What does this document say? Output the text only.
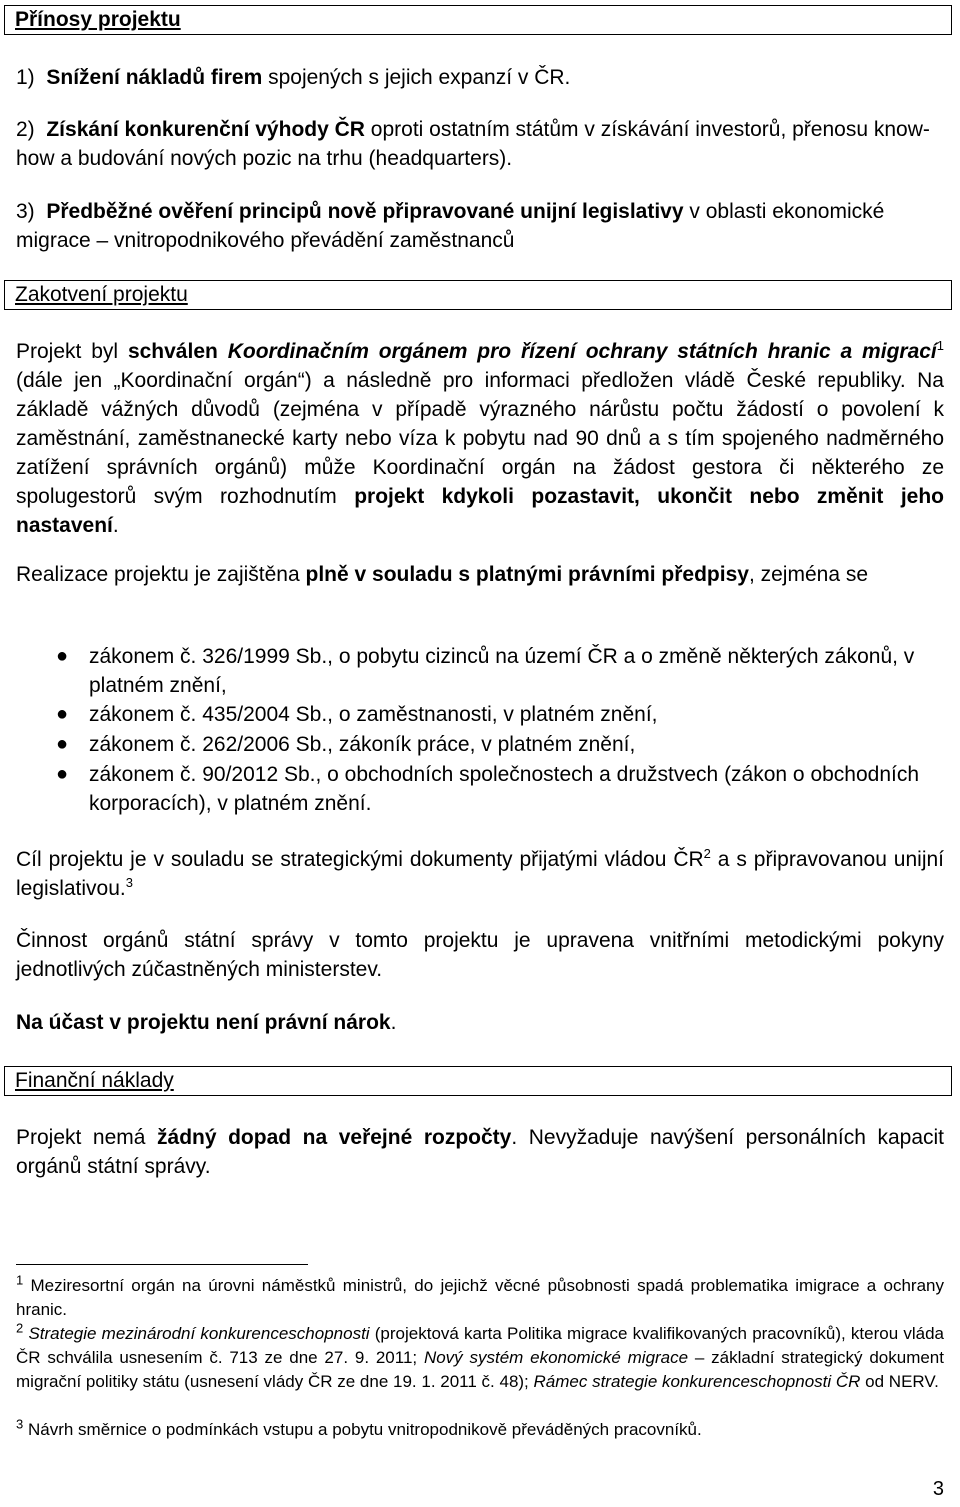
Přínosy projektu

1) Snížení nákladů firem spojených s jejich expanzí v ČR.

2) Získání konkurenční výhody ČR oproti ostatním státům v získávání investorů, přenosu know-how a budování nových pozic na trhu (headquarters).

3) Předběžné ověření principů nově připravované unijní legislativy v oblasti ekonomické migrace – vnitropodnikového převádění zaměstnanců

Zakotvení projektu

Projekt byl schválen Koordinačním orgánem pro řízení ochrany státních hranic a migrací$^1$ (dále jen „Koordinační orgán“) a následně pro informaci předložen vládě České republiky. Na základě vážných důvodů (zejména v případě výrazného nárůstu počtu žádostí o povolení k zaměstnání, zaměstnanecké karty nebo víza k pobytu nad 90 dnů a s tím spojeného nadměrného zatížení správních orgánů) může Koordinační orgán na žádost gestora či některého ze spolugestorů svým rozhodnutím projekt kdykoli pozastavit, ukončit nebo změnit jeho nastavení.

Realizace projektu je zajištěna plně v souladu s platnými právními předpisy, zejména se

● zákonem č. 326/1999 Sb., o pobytu cizinců na území ČR a o změně některých zákonů, v platném znění,

● zákonem č. 435/2004 Sb., o zaměstnanosti, v platném znění,

● zákonem č. 262/2006 Sb., zákoník práce, v platném znění,

● zákonem č. 90/2012 Sb., o obchodních společnostech a družstvech (zákon o obchodních korporacích), v platném znění.

Cíl projektu je v souladu se strategickými dokumenty přijatými vládou $ČR^2$ a s připravovanou unijní legislativou.$^3$

Činnost orgánů státní správy v tomto projektu je upravena vnitřními metodickými pokyny jednotlivých zúčastněných ministerstev.

Na účast v projektu není právní nárok.

Finanční náklady

Projekt nemá žádný dopad na veřejné rozpočty. Nevyžaduje navýšení personálních kapacit orgánů státní správy.

$^1$ Meziresortní orgán na úrovni náměstků ministrů, do jejichž věcné působnosti spadá problematika imigrace a ochrany hranic.

$^2$ Strategie mezinárodní konkurenceschopnosti (projektová karta Politika migrace kvalifikovaných pracovníků), kterou vláda ČR schválila usnesením č. 713 ze dne 27. 9. 2011; Nový systém ekonomické migrace – základní strategický dokument migrační politiky státu (usnesení vlády ČR ze dne 19. 1. 2011 č. 48); Rámec strategie konkurenceschopnosti ČR od NERV.

$^3$ Návrh směrnice o podmínkách vstupu a pobytu vnitropodnikově převáděných pracovníků.

3
